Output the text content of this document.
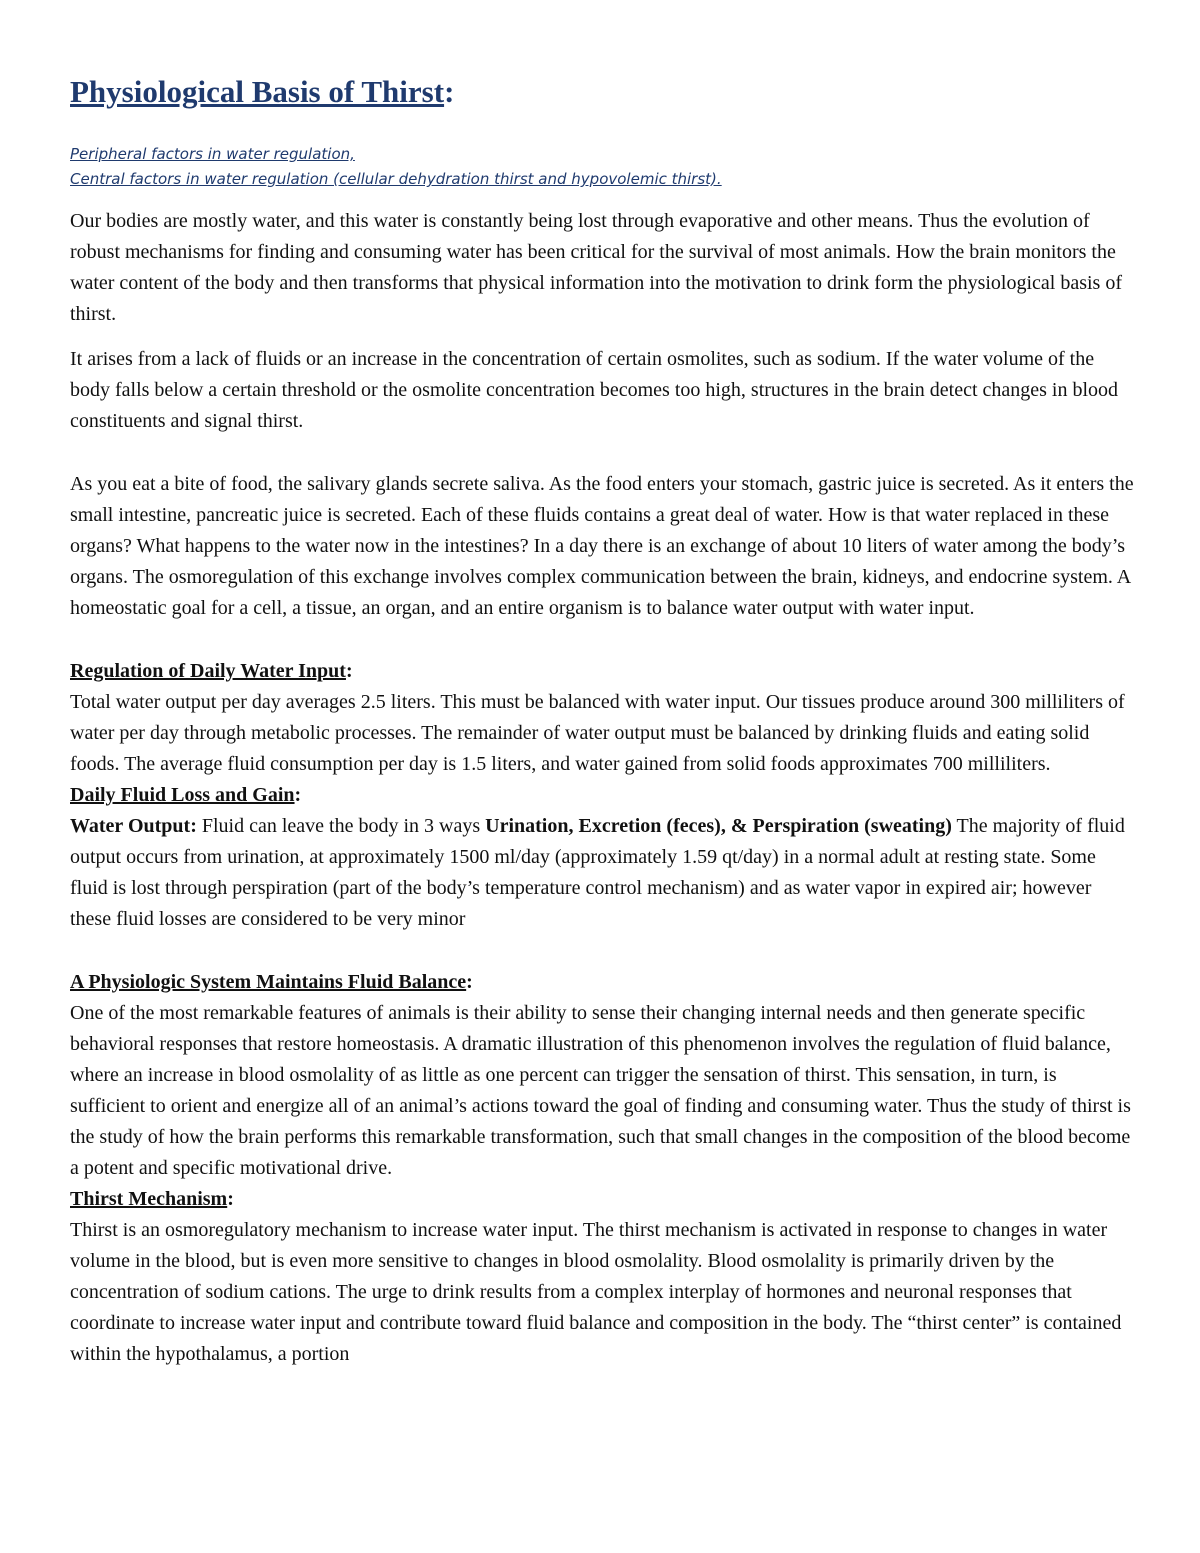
Physiological Basis of Thirst:
Peripheral factors in water regulation,
Central factors in water regulation (cellular dehydration thirst and hypovolemic thirst).

Our bodies are mostly water, and this water is constantly being lost through evaporative and other means. Thus the evolution of robust mechanisms for finding and consuming water has been critical for the survival of most animals. How the brain monitors the water content of the body and then transforms that physical information into the motivation to drink form the physiological basis of thirst.

It arises from a lack of fluids or an increase in the concentration of certain osmolites, such as sodium. If the water volume of the body falls below a certain threshold or the osmolite concentration becomes too high, structures in the brain detect changes in blood constituents and signal thirst.

As you eat a bite of food, the salivary glands secrete saliva. As the food enters your stomach, gastric juice is secreted. As it enters the small intestine, pancreatic juice is secreted. Each of these fluids contains a great deal of water. How is that water replaced in these organs? What happens to the water now in the intestines? In a day there is an exchange of about 10 liters of water among the body’s organs. The osmoregulation of this exchange involves complex communication between the brain, kidneys, and endocrine system. A homeostatic goal for a cell, a tissue, an organ, and an entire organism is to balance water output with water input.

Regulation of Daily Water Input:

Total water output per day averages 2.5 liters. This must be balanced with water input. Our tissues produce around 300 milliliters of water per day through metabolic processes. The remainder of water output must be balanced by drinking fluids and eating solid foods. The average fluid consumption per day is 1.5 liters, and water gained from solid foods approximates 700 milliliters.

Daily Fluid Loss and Gain:

Water Output: Fluid can leave the body in 3 ways Urination, Excretion (feces), & Perspiration (sweating) The majority of fluid output occurs from urination, at approximately 1500 ml/day (approximately 1.59 qt/day) in a normal adult at resting state. Some fluid is lost through perspiration (part of the body’s temperature control mechanism) and as water vapor in expired air; however these fluid losses are considered to be very minor

A Physiologic System Maintains Fluid Balance:

One of the most remarkable features of animals is their ability to sense their changing internal needs and then generate specific behavioral responses that restore homeostasis. A dramatic illustration of this phenomenon involves the regulation of fluid balance, where an increase in blood osmolality of as little as one percent can trigger the sensation of thirst. This sensation, in turn, is sufficient to orient and energize all of an animal’s actions toward the goal of finding and consuming water. Thus the study of thirst is the study of how the brain performs this remarkable transformation, such that small changes in the composition of the blood become a potent and specific motivational drive.

Thirst Mechanism:

Thirst is an osmoregulatory mechanism to increase water input. The thirst mechanism is activated in response to changes in water volume in the blood, but is even more sensitive to changes in blood osmolality. Blood osmolality is primarily driven by the concentration of sodium cations. The urge to drink results from a complex interplay of hormones and neuronal responses that coordinate to increase water input and contribute toward fluid balance and composition in the body. The “thirst center” is contained within the hypothalamus, a portion
